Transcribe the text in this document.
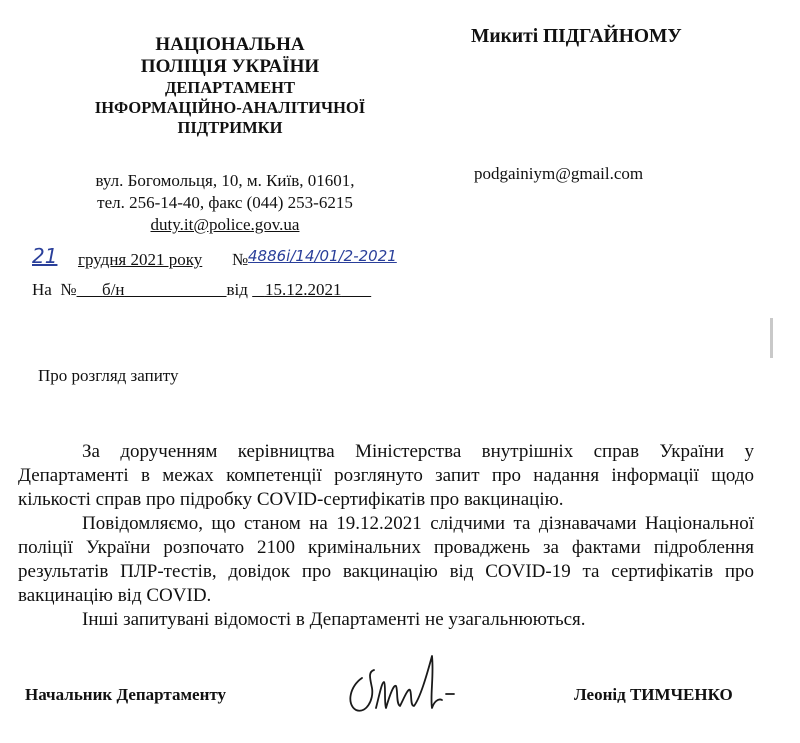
НАЦІОНАЛЬНА
ПОЛІЦІЯ УКРАЇНИ
ДЕПАРТАМЕНТ
ІНФОРМАЦІЙНО-АНАЛІТИЧНОЇ
ПІДТРИМКИ
Микиті ПІДГАЙНОМУ
podgainiym@gmail.com
вул. Богомольця, 10, м. Київ, 01601,
тел. 256-14-40, факс (044) 253-6215
duty.it@police.gov.ua
21 грудня 2021 року	№ 4886і/14/01/2-2021
На  № б/н	від 15.12.2021
Про розгляд запиту

За дорученням керівництва Міністерства внутрішніх справ України у Департаменті в межах компетенції розглянуто запит про надання інформації щодо кількості справ про підробку COVID-сертифікатів про вакцинацію.

Повідомляємо, що станом на 19.12.2021 слідчими та дізнавачами Національної поліції України розпочато 2100 кримінальних проваджень за фактами підроблення результатів ПЛР-тестів, довідок про вакцинацію від COVID-19 та сертифікатів про вакцинацію від COVID.

Інші запитувані відомості в Департаменті не узагальнюються.

Начальник Департаменту	Леонід ТИМЧЕНКО
